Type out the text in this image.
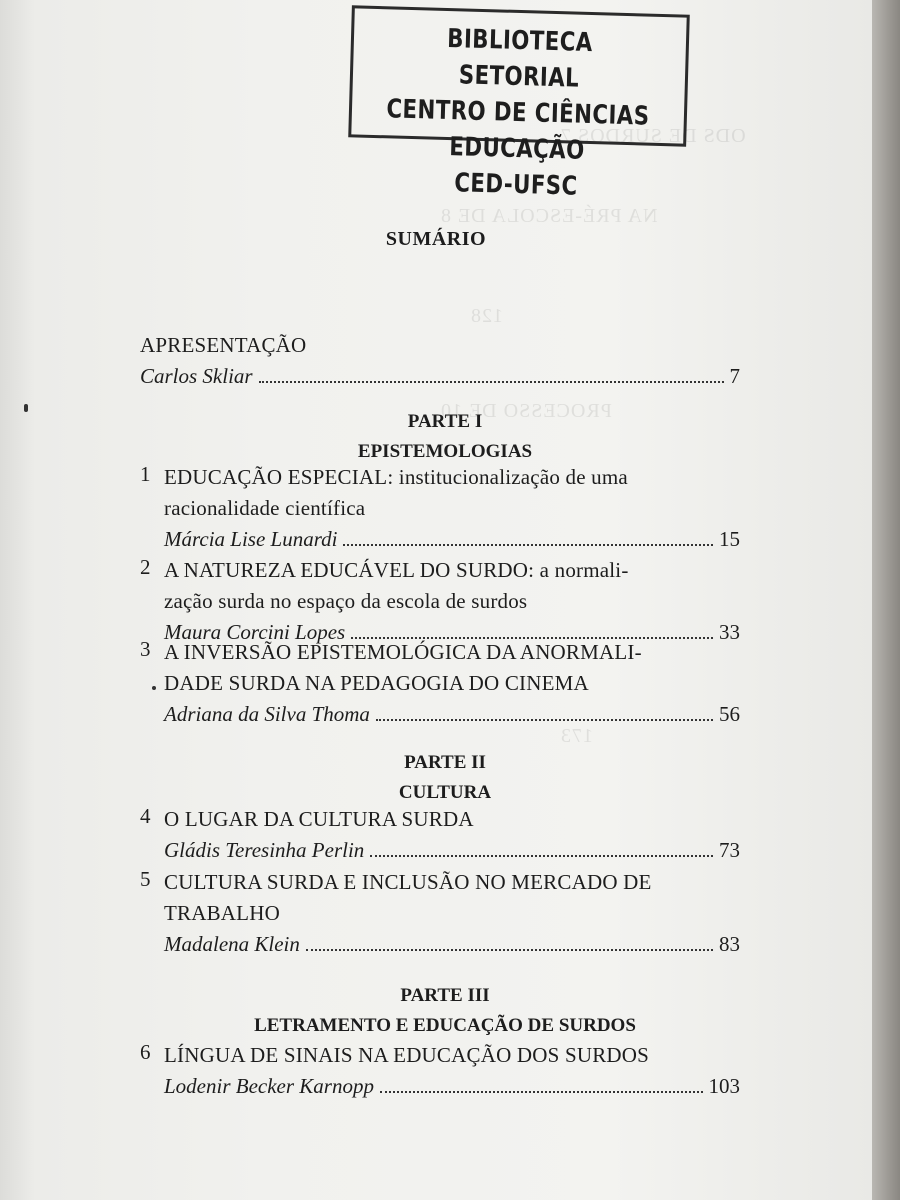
ODS DE SURDOS 7
NA PRÉ-ESCOLA DE 8
128
PROCESSO DE 10
173
BIBLIOTECA SETORIAL
CENTRO DE CIÊNCIAS EDUCAÇÃO
CED-UFSC
SUMÁRIO
APRESENTAÇÃO
Carlos Skliar	7
PARTE I
EPISTEMOLOGIAS
1 EDUCAÇÃO ESPECIAL: institucionalização de uma
racionalidade científica
Márcia Lise Lunardi	15
2 A NATUREZA EDUCÁVEL DO SURDO: a normali-
zação surda no espaço da escola de surdos
Maura Corcini Lopes	33
3 A INVERSÃO EPISTEMOLÓGICA DA ANORMALI-
DADE SURDA NA PEDAGOGIA DO CINEMA
Adriana da Silva Thoma	56
PARTE II
CULTURA
4 O LUGAR DA CULTURA SURDA
Gládis Teresinha Perlin	73
5 CULTURA SURDA E INCLUSÃO NO MERCADO DE
TRABALHO
Madalena Klein	83
PARTE III
LETRAMENTO E EDUCAÇÃO DE SURDOS
6 LÍNGUA DE SINAIS NA EDUCAÇÃO DOS SURDOS
Lodenir Becker Karnopp	103
